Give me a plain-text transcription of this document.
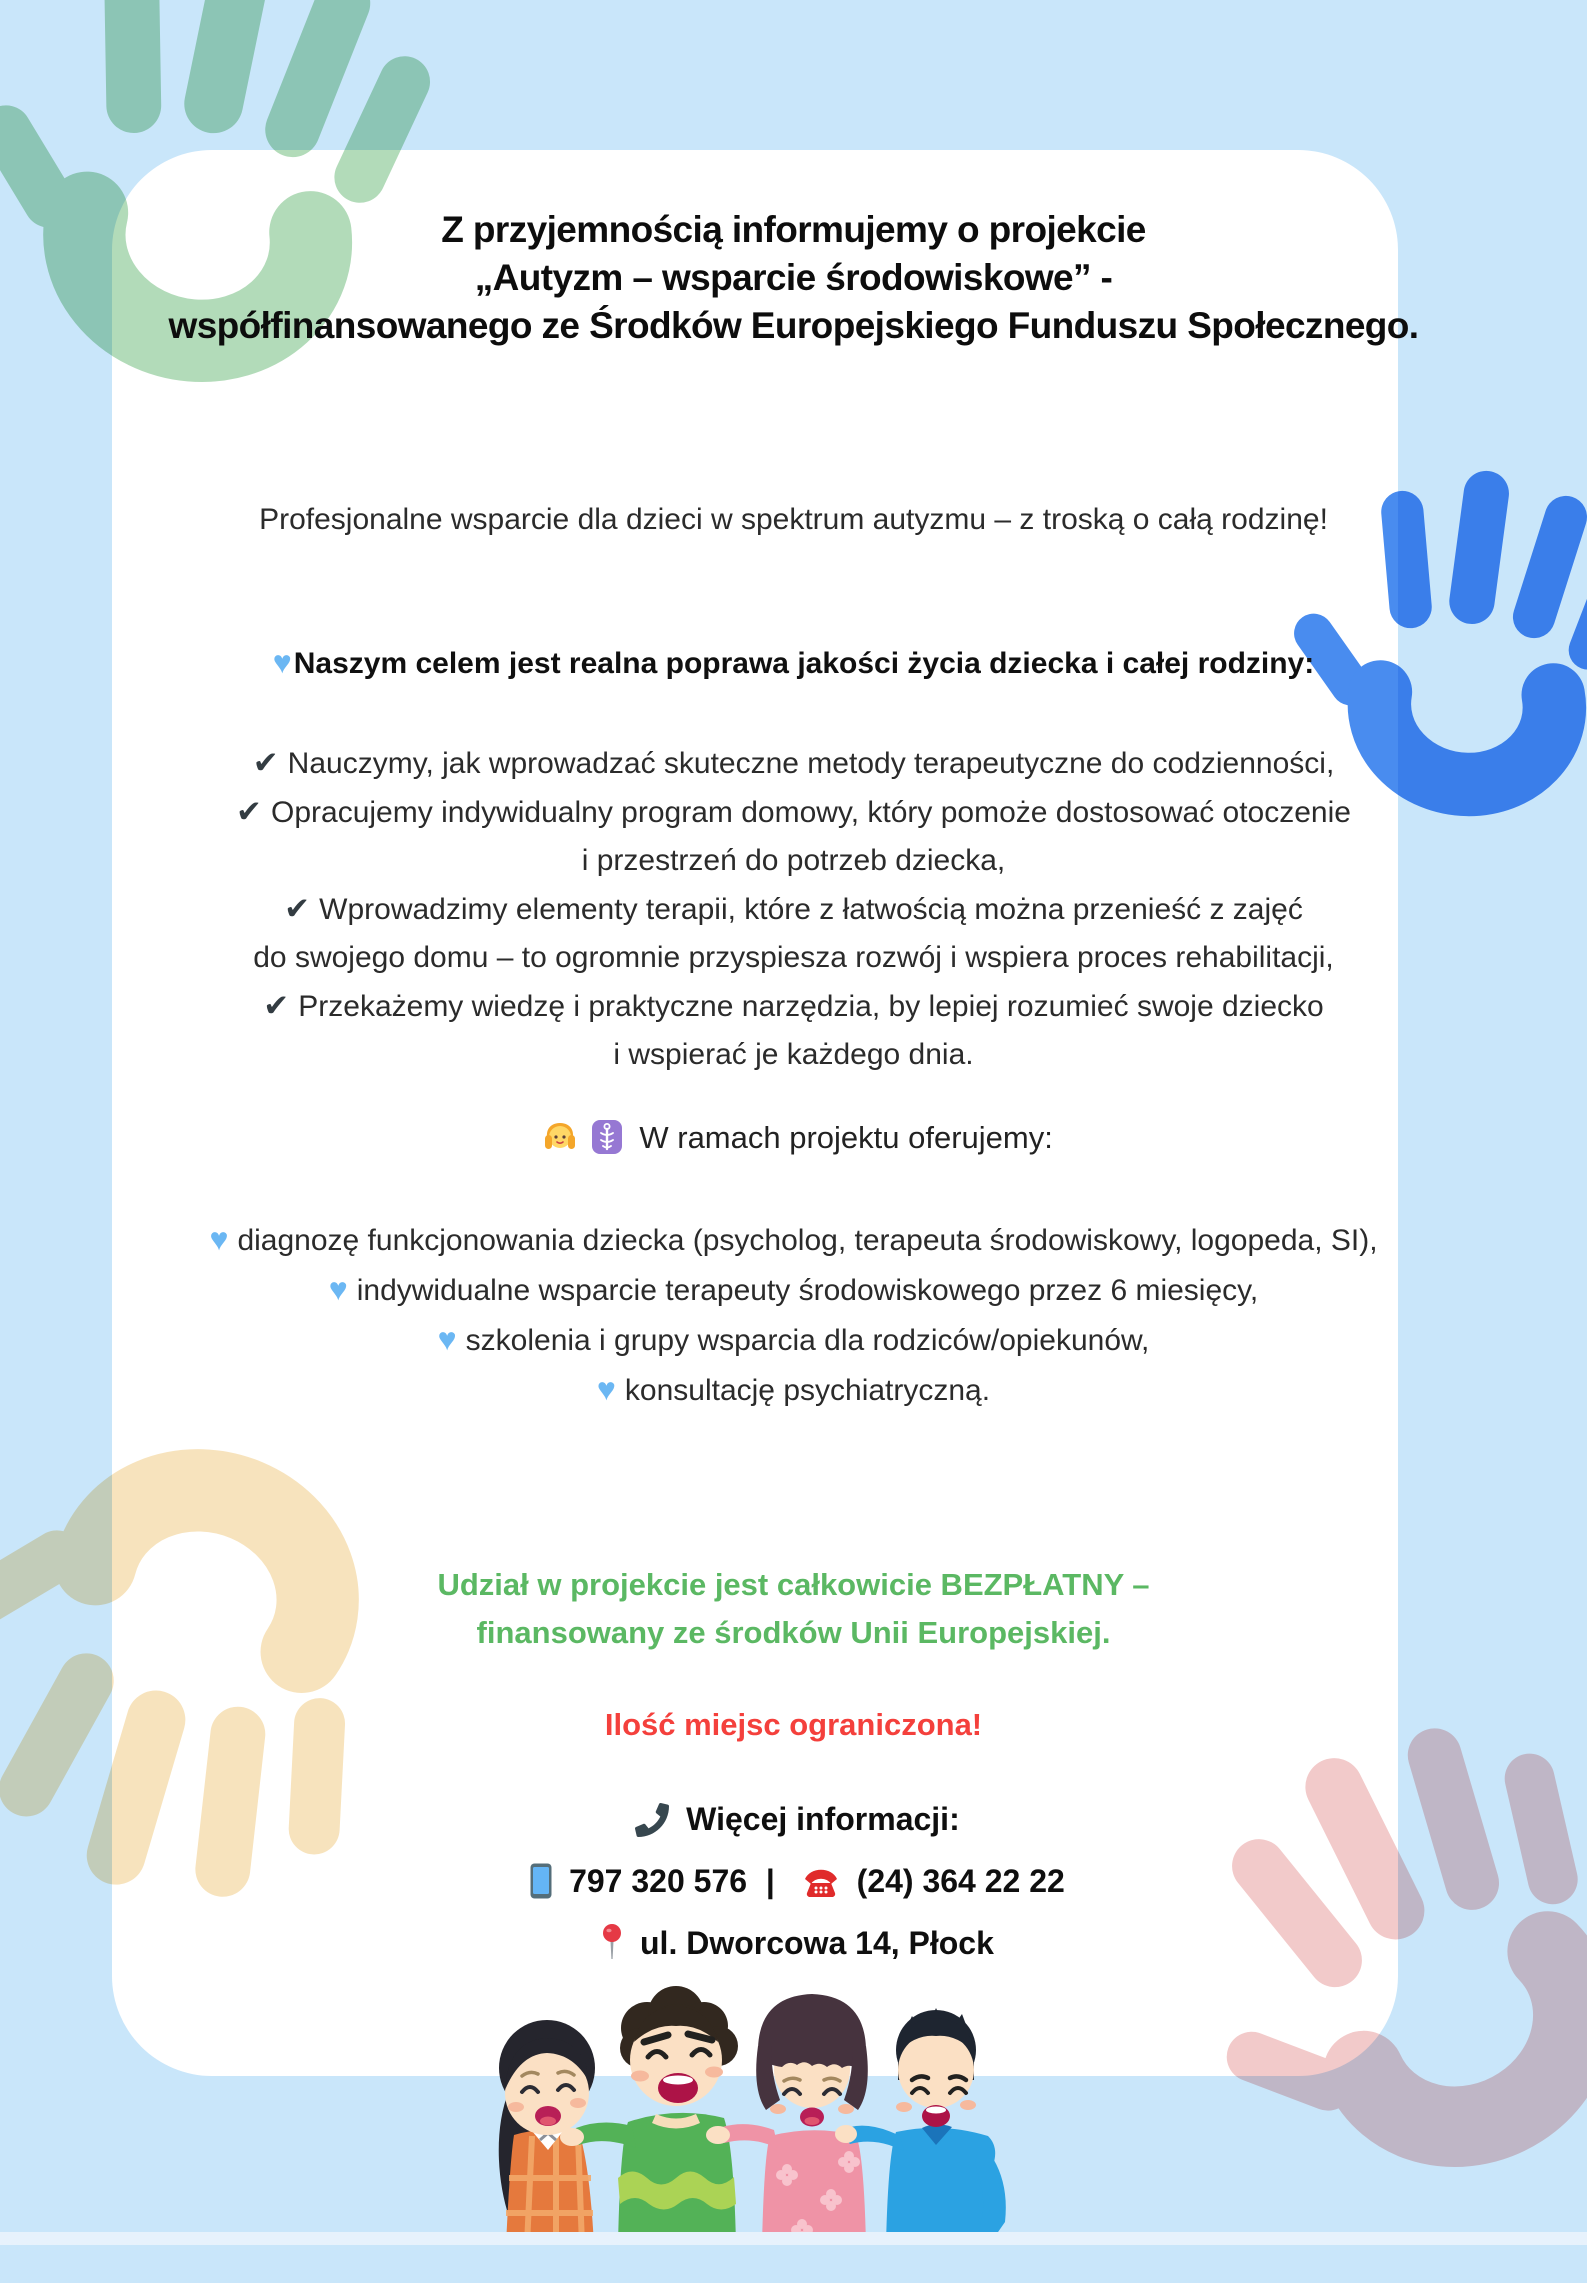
Z przyjemnością informujemy o projekcie
„Autyzm – wsparcie środowiskowe” -
współfinansowanego ze Środków Europejskiego Funduszu Społecznego.
Profesjonalne wsparcie dla dzieci w spektrum autyzmu – z troską o całą rodzinę!
♥Naszym celem jest realna poprawa jakości życia dziecka i całej rodziny:
✔ Nauczymy, jak wprowadzać skuteczne metody terapeutyczne do codzienności,
✔ Opracujemy indywidualny program domowy, który pomoże dostosować otoczenie
i przestrzeń do potrzeb dziecka,
✔ Wprowadzimy elementy terapii, które z łatwością można przenieść z zajęć
do swojego domu – to ogromnie przyspiesza rozwój i wspiera proces rehabilitacji,
✔ Przekażemy wiedzę i praktyczne narzędzia, by lepiej rozumieć swoje dziecko
i wspierać je każdego dnia.
W ramach projektu oferujemy:
♥ diagnozę funkcjonowania dziecka (psycholog, terapeuta środowiskowy, logopeda, SI),
♥ indywidualne wsparcie terapeuty środowiskowego przez 6 miesięcy,
♥ szkolenia i grupy wsparcia dla rodziców/opiekunów,
♥ konsultację psychiatryczną.
Udział w projekcie jest całkowicie BEZPŁATNY –
finansowany ze środków Unii Europejskiej.
Ilość miejsc ograniczona!
Więcej informacji:
797 320 576 |	(24) 364 22 22
ul. Dworcowa 14, Płock
